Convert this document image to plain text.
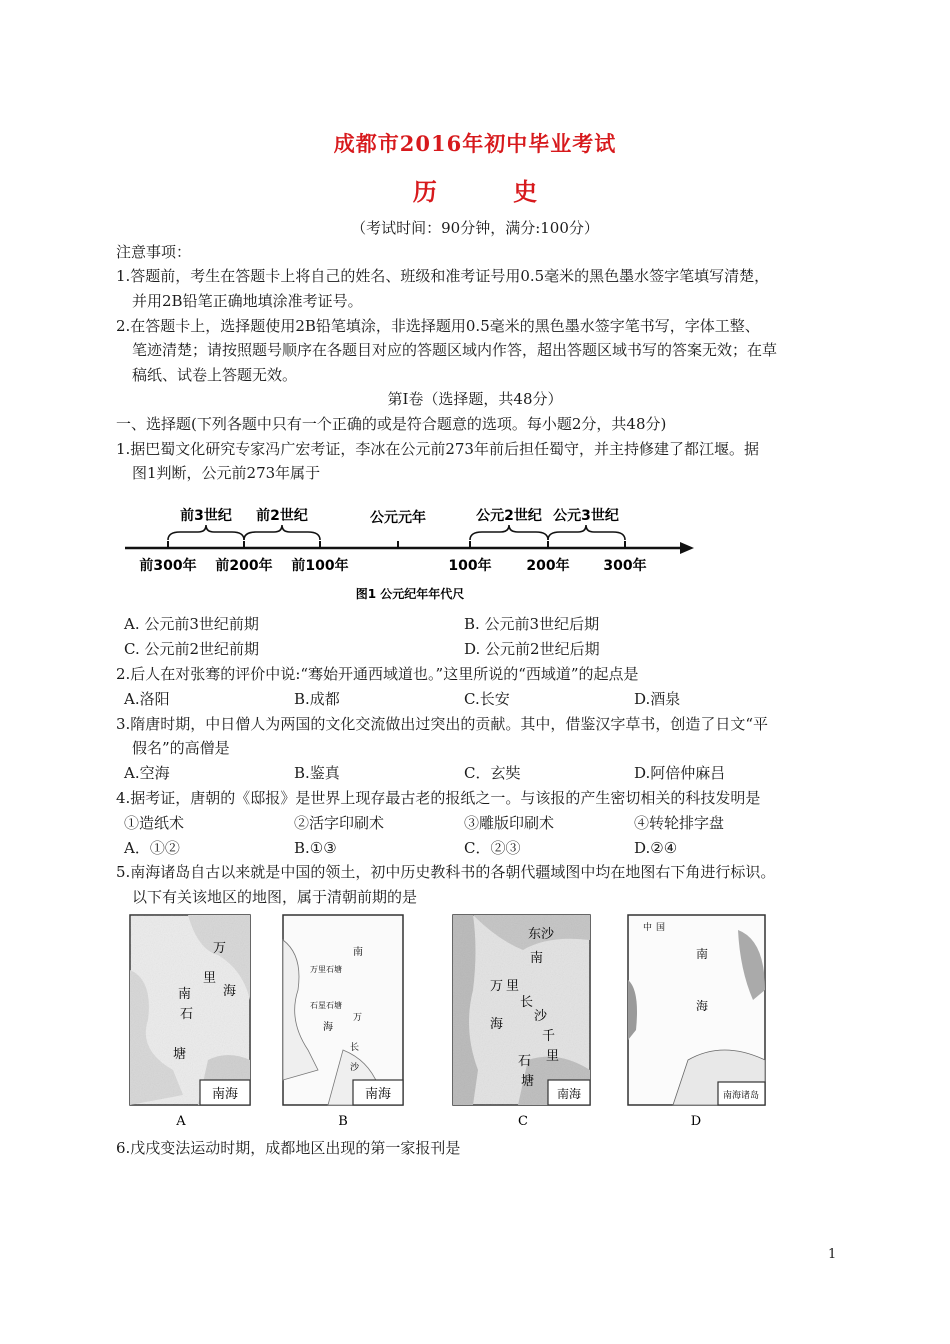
成都市2016年初中毕业考试
历 史
（考试时间：90分钟，满分:100分）
注意事项：
1.答题前，考生在答题卡上将自己的姓名、班级和准考证号用0.5毫米的黑色墨水签字笔填写清楚，
并用2B铅笔正确地填涂准考证号。
2.在答题卡上，选择题使用2B铅笔填涂，非选择题用0.5毫米的黑色墨水签字笔书写，字体工整、
笔迹清楚；请按照题号顺序在各题目对应的答题区域内作答，超出答题区域书写的答案无效；在草
稿纸、试卷上答题无效。
第Ⅰ卷（选择题，共48分）
一、选择题(下列各题中只有一个正确的或是符合题意的选项。每小题2分，共48分)
1.据巴蜀文化研究专家冯广宏考证，李冰在公元前273年前后担任蜀守，并主持修建了都江堰。据
图1判断，公元前273年属于
前3世纪 前2世纪	公元元年	公元2世纪 公元3世纪
前300年 前200年 前100年	100年 200年 300年
图1 公元纪年年代尺
A. 公元前3世纪前期	B. 公元前3世纪后期
C. 公元前2世纪前期	D. 公元前2世纪后期
2.后人在对张骞的评价中说:“骞始开通西域道也。”这里所说的“西域道”的起点是
A.洛阳	B.成都	C.长安	D.酒泉
3.隋唐时期，中日僧人为两国的文化交流做出过突出的贡献。其中，借鉴汉字草书，创造了日文“平
假名”的高僧是
A.空海	B.鉴真	C．玄奘	D.阿倍仲麻吕
4.据考证，唐朝的《邸报》是世界上现存最古老的报纸之一。与该报的产生密切相关的科技发明是
①造纸术	②活字印刷术	③雕版印刷术	④转轮排字盘
A．①②	B.①③	C．②③	D.②④
5.南海诸岛自古以来就是中国的领土，初中历史教科书的各朝代疆域图中均在地图右下角进行标识。
以下有关该地区的地图，属于清朝前期的是
万
里
海
南
石
塘
南海
A
南
万里石塘
石星石塘
海
万
长
沙
南海
B
东沙
南
万 里
长
沙
千
里
石
塘
海
南海
C
中 国
南
海
南海诸岛
D
6.戊戌变法运动时期，成都地区出现的第一家报刊是
1
